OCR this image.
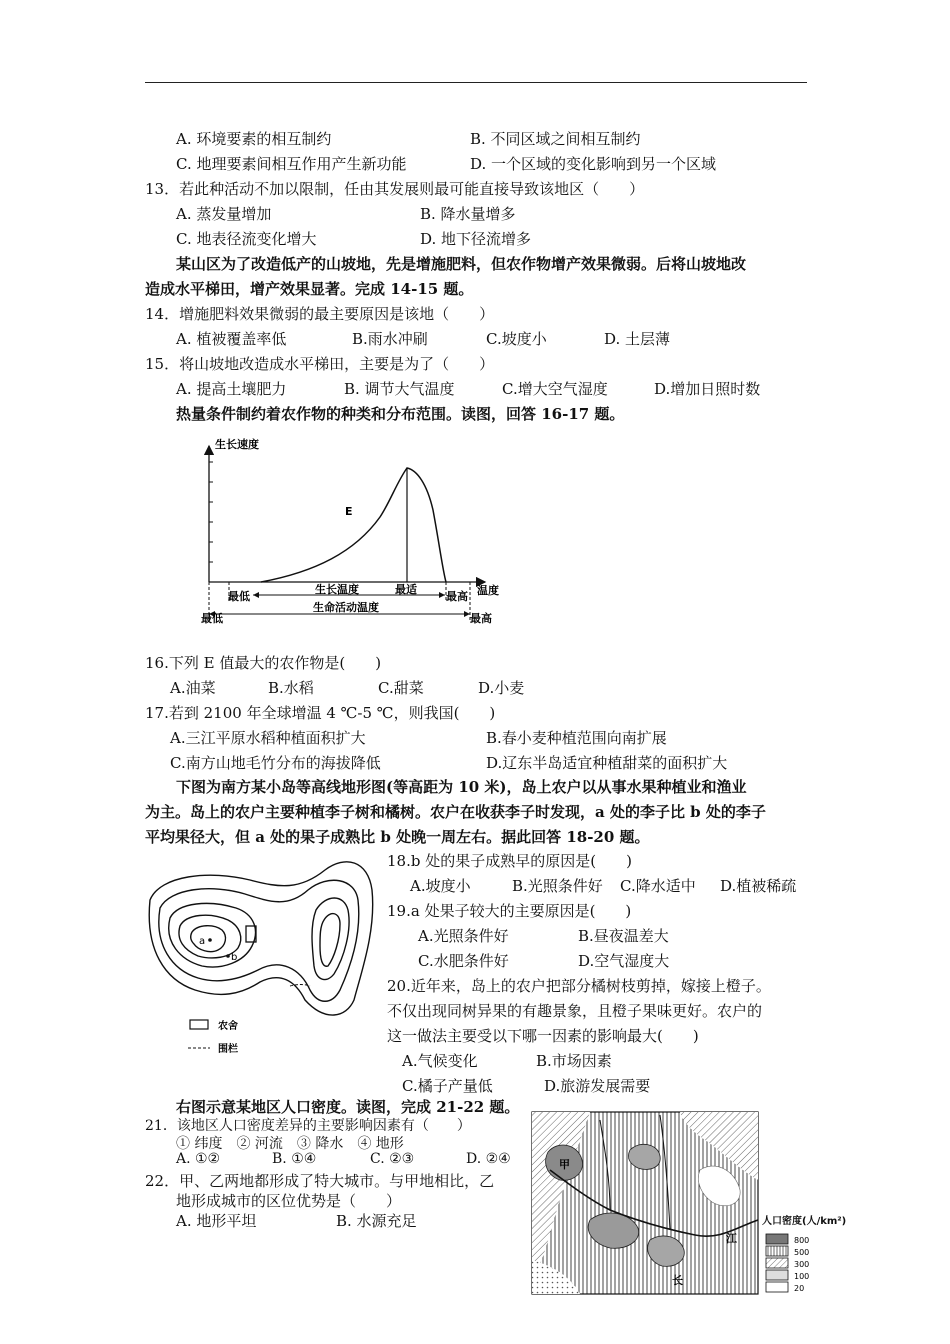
A. 环境要素的相互制约	B. 不同区域之间相互制约
C. 地理要素间相互作用产生新功能	D. 一个区域的变化影响到另一个区域
13．若此种活动不加以限制，任由其发展则最可能直接导致该地区（　　）
A. 蒸发量增加	B. 降水量增多
C. 地表径流变化增大	D. 地下径流增多
某山区为了改造低产的山坡地，先是增施肥料，但农作物增产效果微弱。后将山坡地改
造成水平梯田，增产效果显著。完成 14-15 题。
14．增施肥料效果微弱的最主要原因是该地（　　）
A. 植被覆盖率低	B.雨水冲刷	C.坡度小	D. 土层薄
15．将山坡地改造成水平梯田，主要是为了（　　）
A. 提高土壤肥力	B. 调节大气温度	C.增大空气湿度	D.增加日照时数
热量条件制约着农作物的种类和分布范围。读图，回答 16-17 题。
生长速度
温度
E
生长温度	最适
最低	最高
生命活动温度
最低	最高
16.下列 E 值最大的农作物是(　　)
A.油菜	B.水稻	C.甜菜	D.小麦
17.若到 2100 年全球增温 4 ℃-5 ℃，则我国(　　)
A.三江平原水稻种植面积扩大	B.春小麦种植范围向南扩展
C.南方山地毛竹分布的海拔降低	D.辽东半岛适宜种植甜菜的面积扩大
下图为南方某小岛等高线地形图(等高距为 10 米)，岛上农户以从事水果种植业和渔业
为主。岛上的农户主要种植李子树和橘树。农户在收获李子时发现，a 处的李子比 b 处的李子
平均果径大，但 a 处的果子成熟比 b 处晚一周左右。据此回答 18-20 题。
a
b
农舍
围栏
18.b 处的果子成熟早的原因是(　　)
A.坡度小	B.光照条件好 C.降水适中 D.植被稀疏
19.a 处果子较大的主要原因是(　　)
A.光照条件好	B.昼夜温差大
C.水肥条件好	D.空气湿度大
20.近年来，岛上的农户把部分橘树枝剪掉，嫁接上橙子。
不仅出现同树异果的有趣景象，且橙子果味更好。农户的
这一做法主要受以下哪一因素的影响最大(　　)
A.气候变化	B.市场因素
C.橘子产量低	D.旅游发展需要
右图示意某地区人口密度。读图，完成 21-22 题。
21．该地区人口密度差异的主要影响因素有（　　）
① 纬度　② 河流　③ 降水　④ 地形
A. ①②	B. ①④	C. ②③	D. ②④
22．甲、乙两地都形成了特大城市。与甲地相比，乙
地形成城市的区位优势是（　　）
A. 地形平坦	B. 水源充足
甲
江
长
人口密度(人/km²)
800
500
300
100
20
